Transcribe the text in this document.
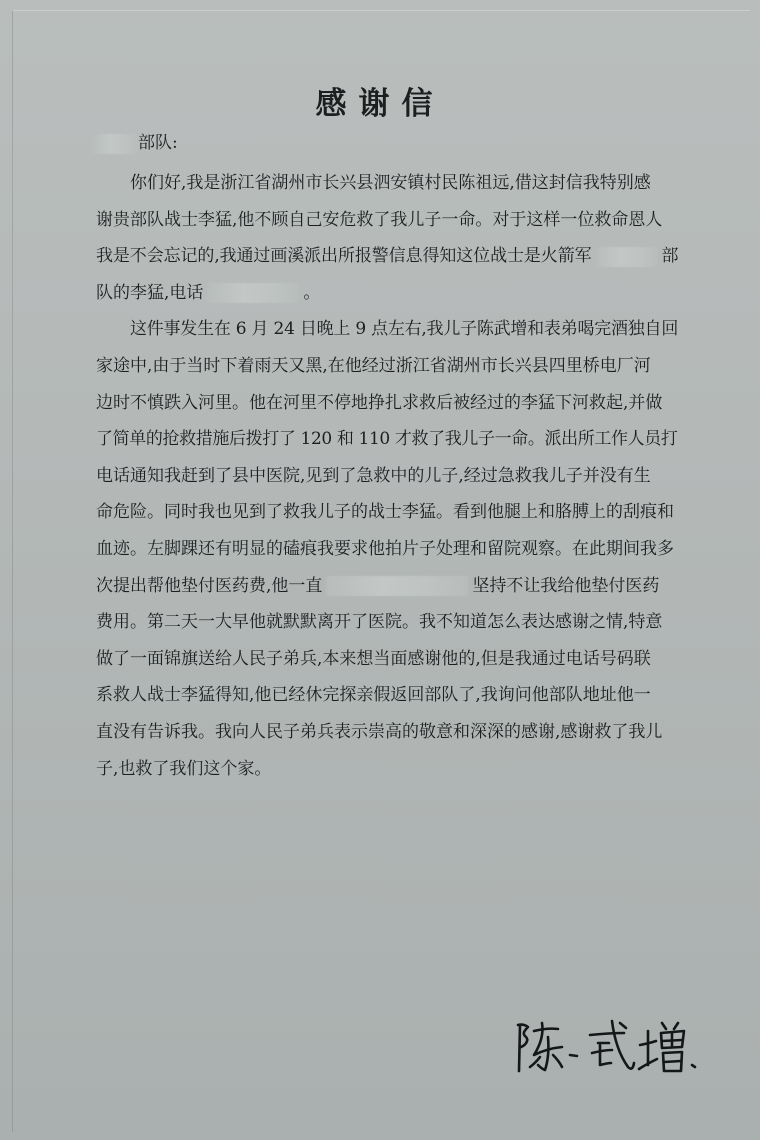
感谢信
部队:
你们好,我是浙江省湖州市长兴县泗安镇村民陈祖远,借这封信我特别感
谢贵部队战士李猛,他不顾自己安危救了我儿子一命。对于这样一位救命恩人
我是不会忘记的,我通过画溪派出所报警信息得知这位战士是火箭军	部
队的李猛,电话	。
这件事发生在 6 月 24 日晚上 9 点左右,我儿子陈武增和表弟喝完酒独自回
家途中,由于当时下着雨天又黑,在他经过浙江省湖州市长兴县四里桥电厂河
边时不慎跌入河里。他在河里不停地挣扎求救后被经过的李猛下河救起,并做
了简单的抢救措施后拨打了 120 和 110 才救了我儿子一命。派出所工作人员打
电话通知我赶到了县中医院,见到了急救中的儿子,经过急救我儿子并没有生
命危险。同时我也见到了救我儿子的战士李猛。看到他腿上和胳膊上的刮痕和
血迹。左脚踝还有明显的磕痕我要求他拍片子处理和留院观察。在此期间我多
次提出帮他垫付医药费,他一直	坚持不让我给他垫付医药
费用。第二天一大早他就默默离开了医院。我不知道怎么表达感谢之情,特意
做了一面锦旗送给人民子弟兵,本来想当面感谢他的,但是我通过电话号码联
系救人战士李猛得知,他已经休完探亲假返回部队了,我询问他部队地址他一
直没有告诉我。我向人民子弟兵表示崇高的敬意和深深的感谢,感谢救了我儿
子,也救了我们这个家。
